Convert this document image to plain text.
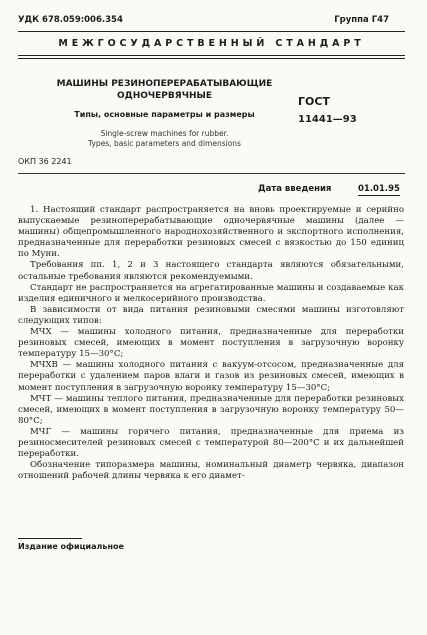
УДК 678.059:006.354	Группа Г47
МЕЖГОСУДАРСТВЕННЫЙ СТАНДАРТ
МАШИНЫ РЕЗИНОПЕРЕРАБАТЫВАЮЩИЕ
ОДНОЧЕРВЯЧНЫЕ
Типы, основные параметры и размеры
Single-screw machines for rubber.
Types, basic parameters and dimensions
ГОСТ
11441—93
ОКП 36 2241
Дата введения	01.01.95

1. Настоящий стандарт распространяется на вновь проектируемые и серийно выпускаемые резиноперерабатывающие одночервячные машины (далее — машины) общепромышленного народнохозяйственного и экспортного исполнения, предназначенные для переработки резиновых смесей с вязкостью до 150 единиц по Муни.

Требования пп. 1, 2 и 3 настоящего стандарта являются обязательными, остальные требования являются рекомендуемыми.

Стандарт не распространяется на агрегатированные машины и создаваемые как изделия единичного и мелкосерийного производства.

В зависимости от вида питания резиновыми смесями машины изготовляют следующих типов:

МЧХ — машины холодного питания, предназначенные для переработки резиновых смесей, имеющих в момент поступления в загрузочную воронку температуру 15—30°С;

МЧХВ — машины холодного питания с вакуум-отсосом, предназначенные для переработки с удалением паров влаги и газов из резиновых смесей, имеющих в момент поступления в загрузочную воронку температуру 15—30°С;

МЧТ — машины теплого питания, предназначенные для переработки резиновых смесей, имеющих в момент поступления в загрузочную воронку температуру 50—80°С;

МЧГ — машины горячего питания, предназначенные для приема из резиносмесителей резиновых смесей с температурой 80—200°С и их дальнейшей переработки.

Обозначение типоразмера машины, номинальный диаметр червяка, диапазон отношений рабочей длины червяка к его диамет-

Издание официальное
